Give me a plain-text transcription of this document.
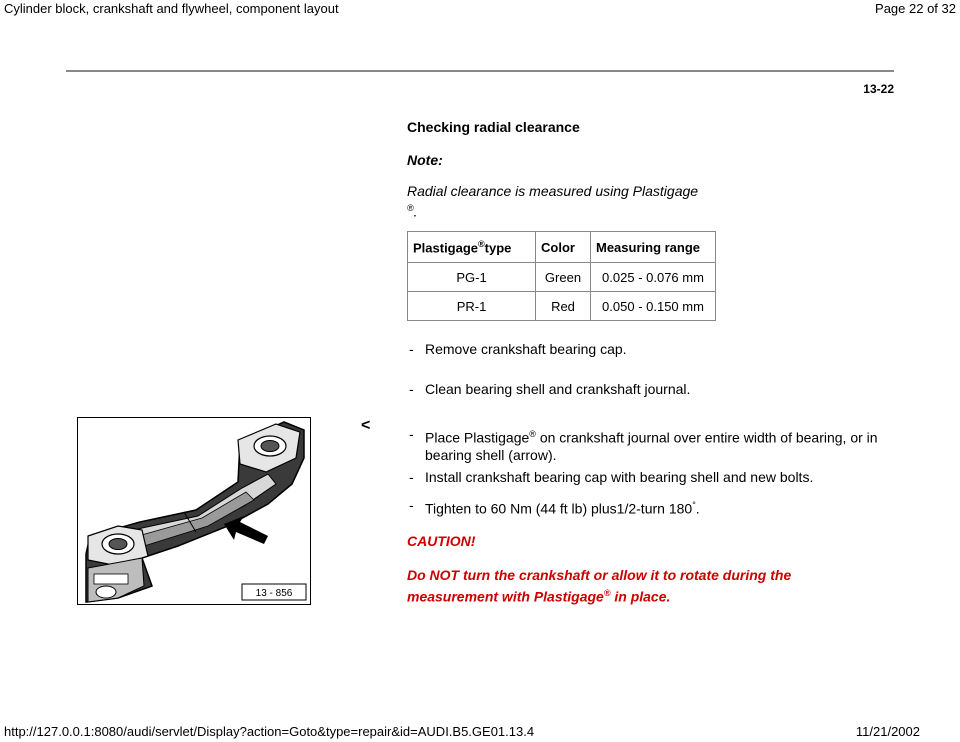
Cylinder block, crankshaft and flywheel, component layout	Page 22 of 32
13-22
Checking radial clearance
Note:
Radial clearance is measured using Plastigage
®.
Plastigage®type	Color	Measuring range
PG-1	Green	0.025 - 0.076 mm
PR-1	Red	0.050 - 0.150 mm
- Remove crankshaft bearing cap.
- Clean bearing shell and crankshaft journal.
13 - 856
<	- Place Plastigage® on crankshaft journal over entire width of bearing, or in bearing shell (arrow).
- Install crankshaft bearing cap with bearing shell and new bolts.
- Tighten to 60 Nm (44 ft lb) plus1/2-turn 180°.
CAUTION!
Do NOT turn the crankshaft or allow it to rotate during the measurement with Plastigage® in place.
http://127.0.0.1:8080/audi/servlet/Display?action=Goto&type=repair&id=AUDI.B5.GE01.13.4	11/21/2002
